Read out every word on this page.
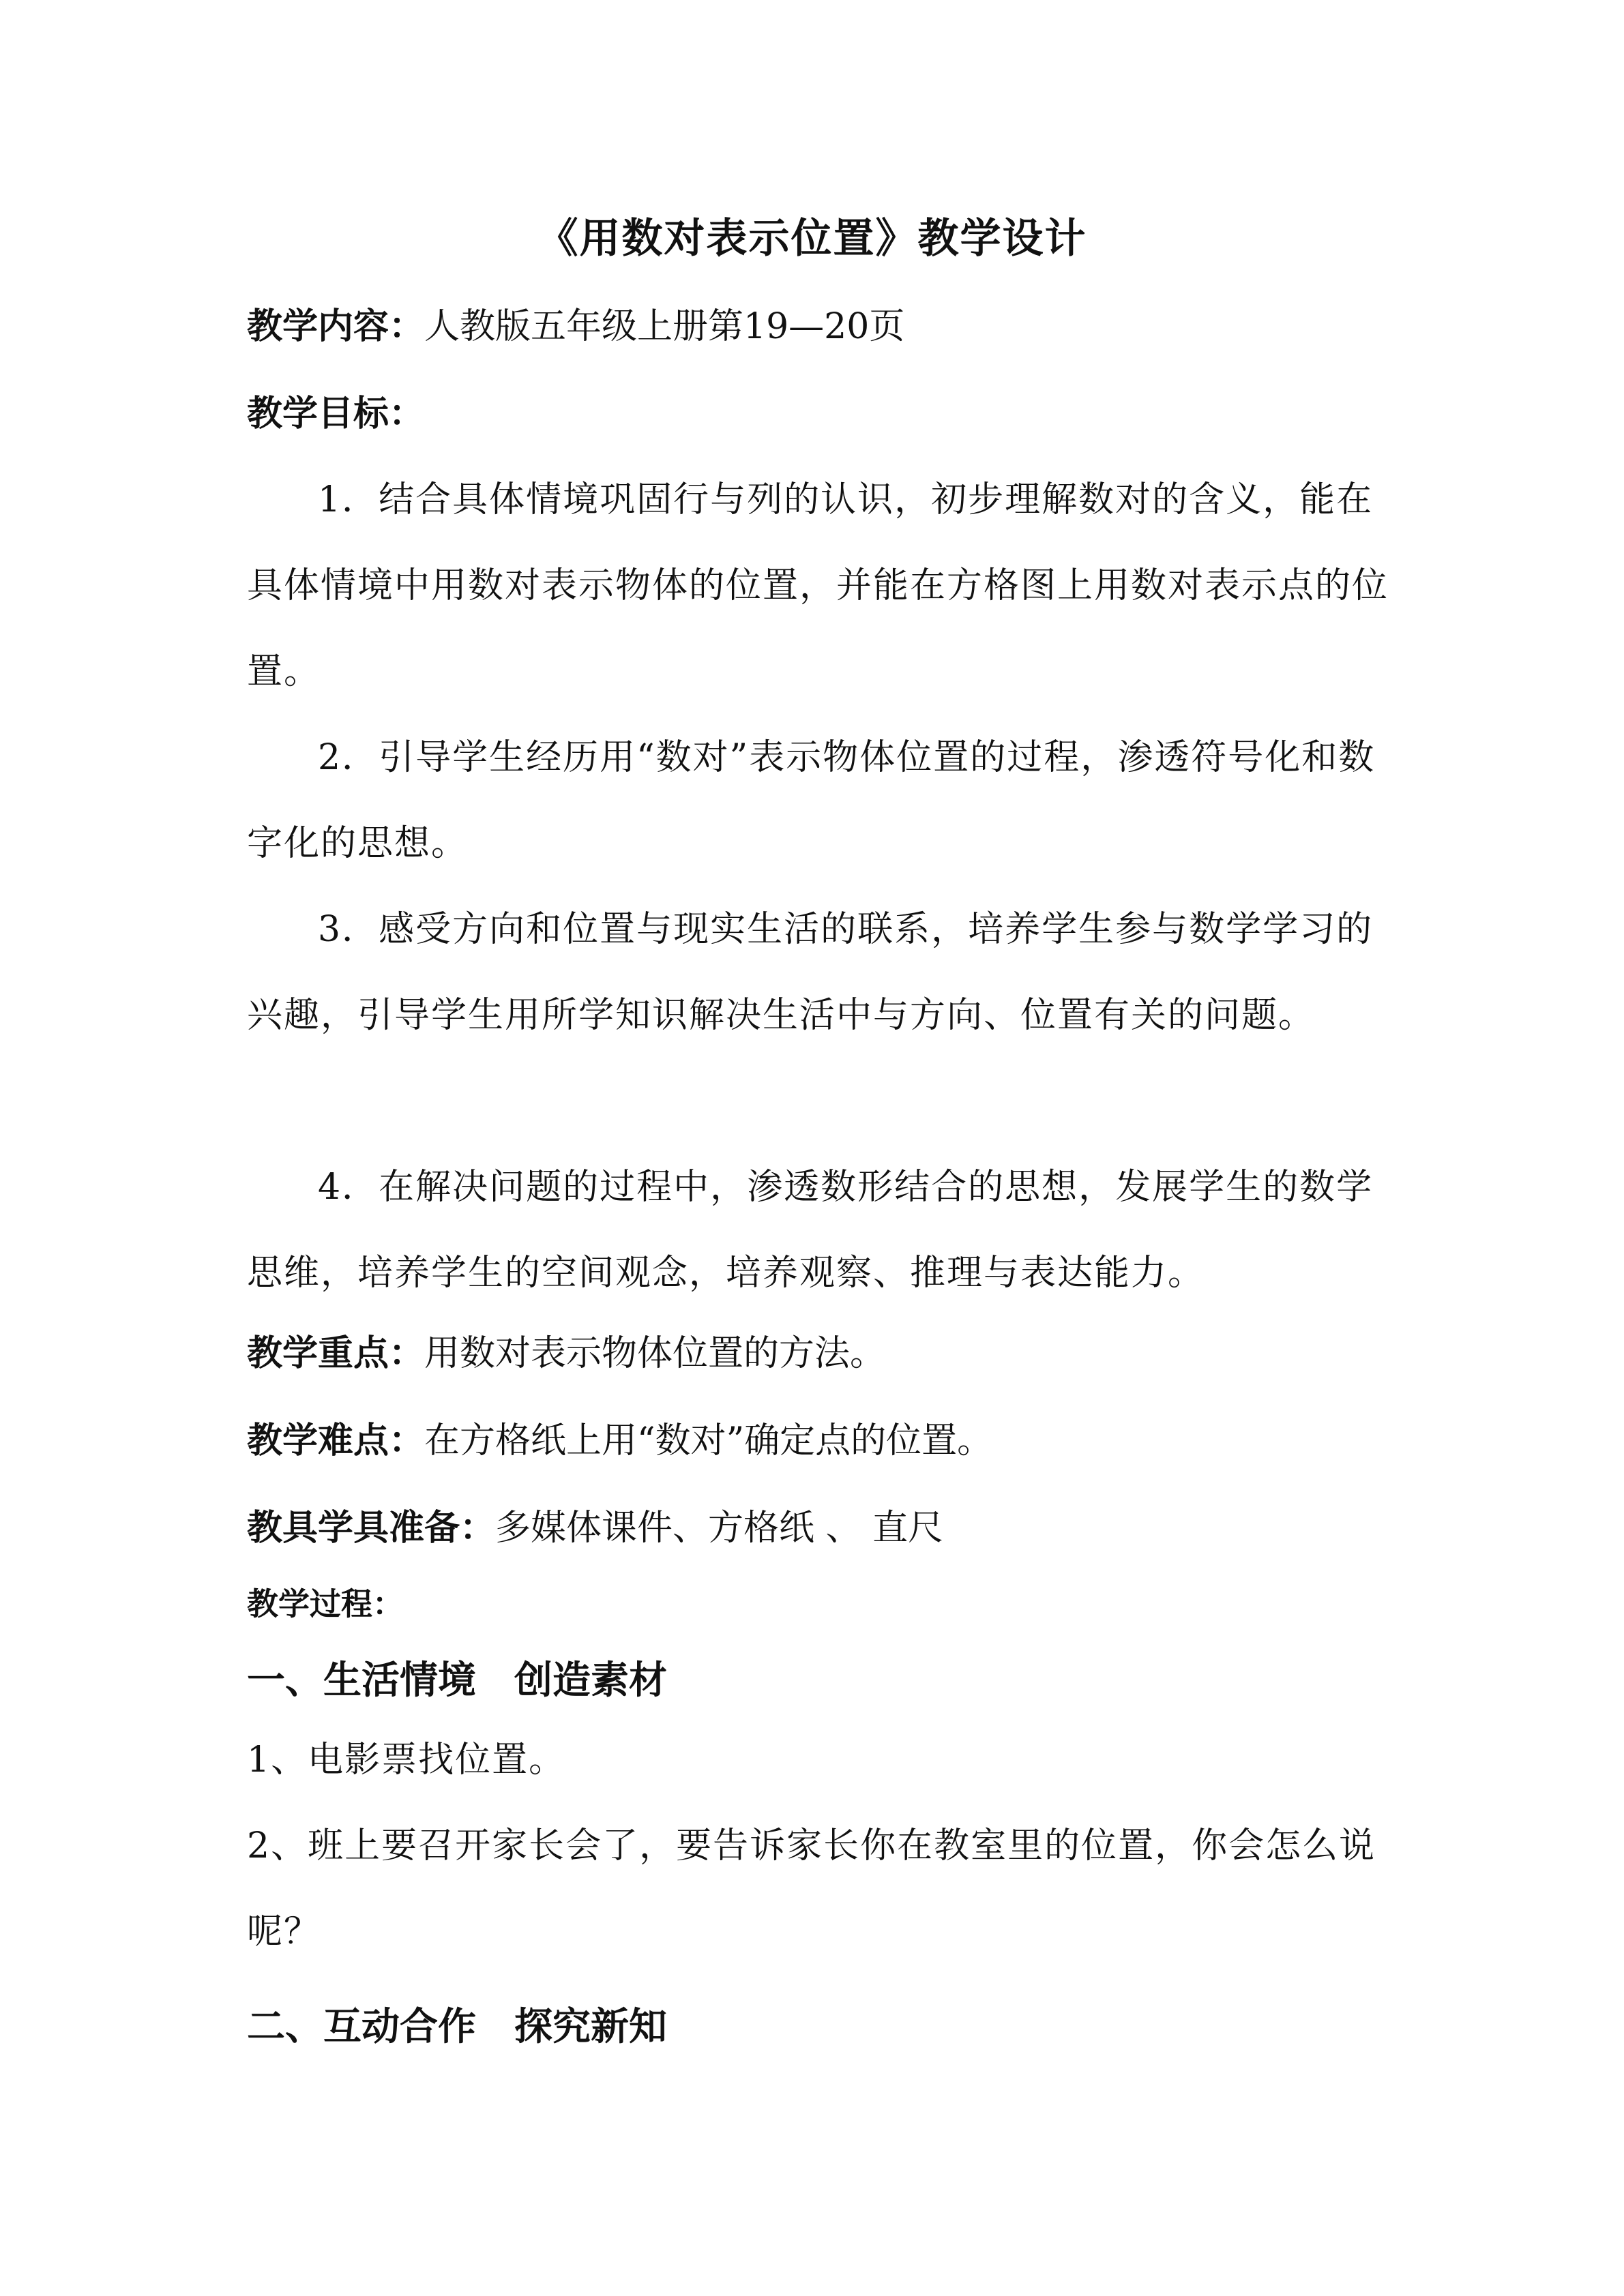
《用数对表示位置》教学设计
教学内容：人教版五年级上册第19—20页
教学目标：
1．结合具体情境巩固行与列的认识，初步理解数对的含义，能在具体情境中用数对表示物体的位置，并能在方格图上用数对表示点的位置。
2．引导学生经历用“数对”表示物体位置的过程，渗透符号化和数字化的思想。
3．感受方向和位置与现实生活的联系，培养学生参与数学学习的兴趣，引导学生用所学知识解决生活中与方向、位置有关的问题。
4．在解决问题的过程中，渗透数形结合的思想，发展学生的数学思维，培养学生的空间观念，培养观察、推理与表达能力。
教学重点：用数对表示物体位置的方法。
教学难点：在方格纸上用“数对”确定点的位置。
教具学具准备：多媒体课件、方格纸 、 直尺
教学过程：
一、生活情境　创造素材
1、电影票找位置。
2、班上要召开家长会了，要告诉家长你在教室里的位置，你会怎么说呢？
二、互动合作　探究新知
